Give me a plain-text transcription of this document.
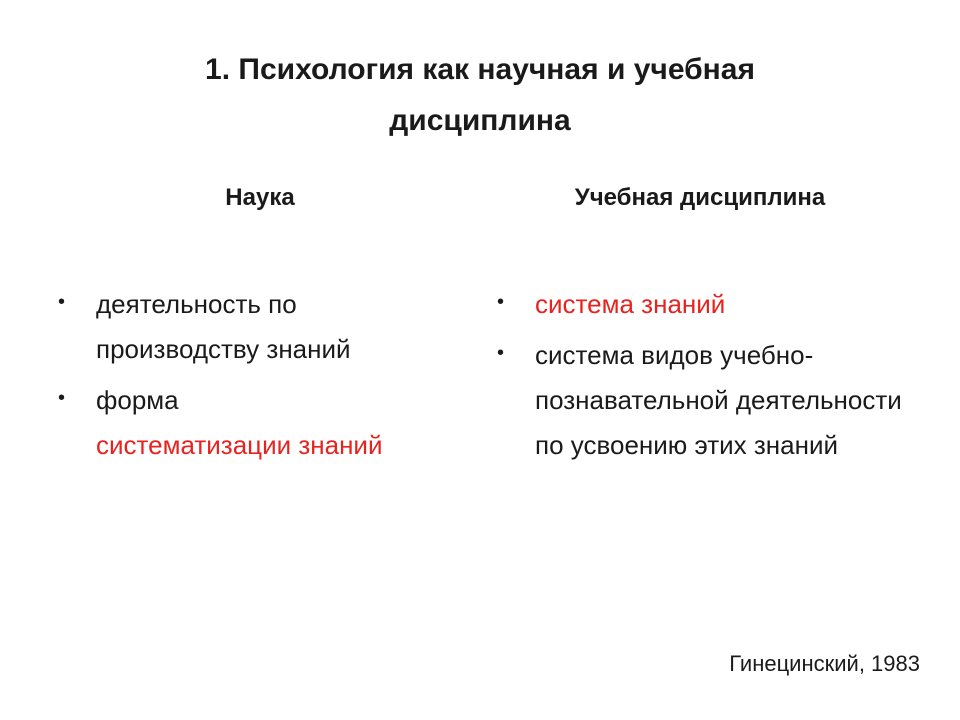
1. Психология как научная и учебная
дисциплина
Наука	Учебная дисциплина
• деятельность по производству знаний
• форма
систематизации знаний
• система знаний
• система видов учебно-познавательной деятельности по усвоению этих знаний
Гинецинский, 1983
